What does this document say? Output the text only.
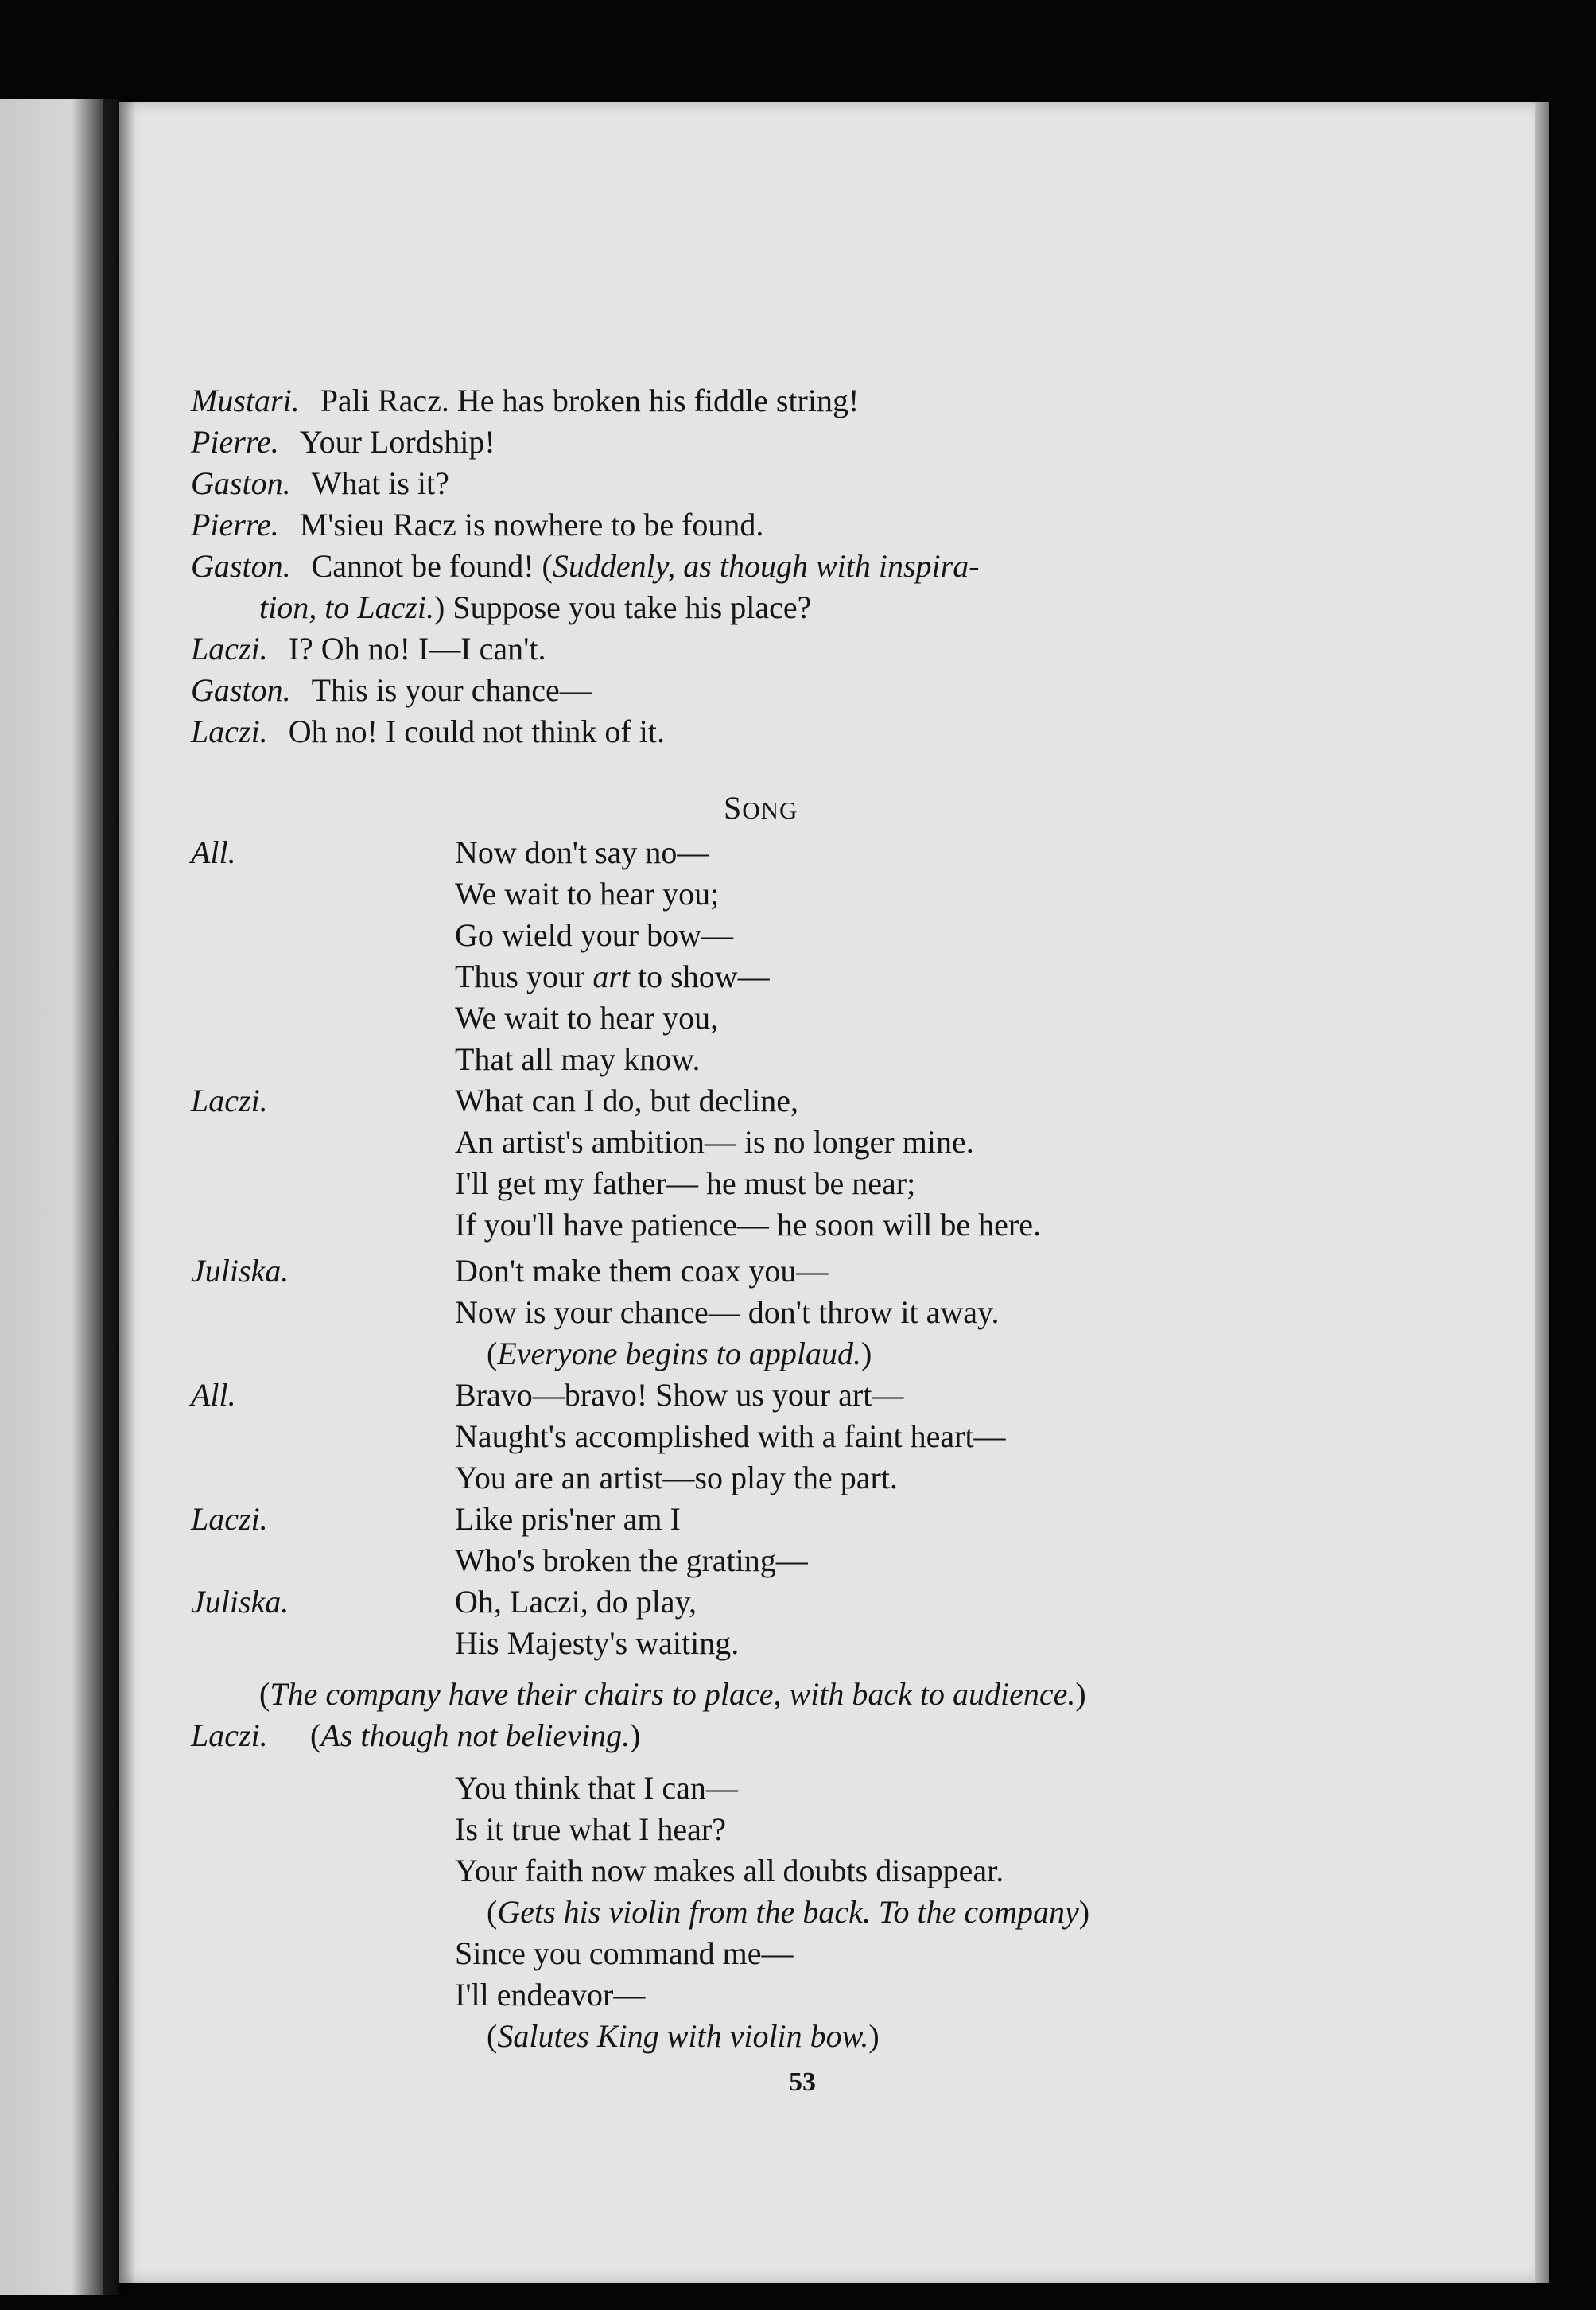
Mustari. Pali Racz. He has broken his fiddle string!
Pierre. Your Lordship!
Gaston. What is it?
Pierre. M'sieu Racz is nowhere to be found.
Gaston. Cannot be found! (Suddenly, as though with inspira-
tion, to Laczi.) Suppose you take his place?
Laczi. I? Oh no! I—I can't.
Gaston. This is your chance—
Laczi. Oh no! I could not think of it.
SONG
All.	Now don't say no—
We wait to hear you;
Go wield your bow—
Thus your art to show—
We wait to hear you,
That all may know.
Laczi.	What can I do, but decline,
An artist's ambition— is no longer mine.
I'll get my father— he must be near;
If you'll have patience— he soon will be here.
Juliska.	Don't make them coax you—
Now is your chance— don't throw it away.
(Everyone begins to applaud.)
All.	Bravo—bravo! Show us your art—
Naught's accomplished with a faint heart—
You are an artist—so play the part.
Laczi.	Like pris'ner am I
Who's broken the grating—
Juliska.	Oh, Laczi, do play,
His Majesty's waiting.
(The company have their chairs to place, with back to audience.)
Laczi. (As though not believing.)
You think that I can—
Is it true what I hear?
Your faith now makes all doubts disappear.
(Gets his violin from the back. To the company)
Since you command me—
I'll endeavor—
(Salutes King with violin bow.)
53
